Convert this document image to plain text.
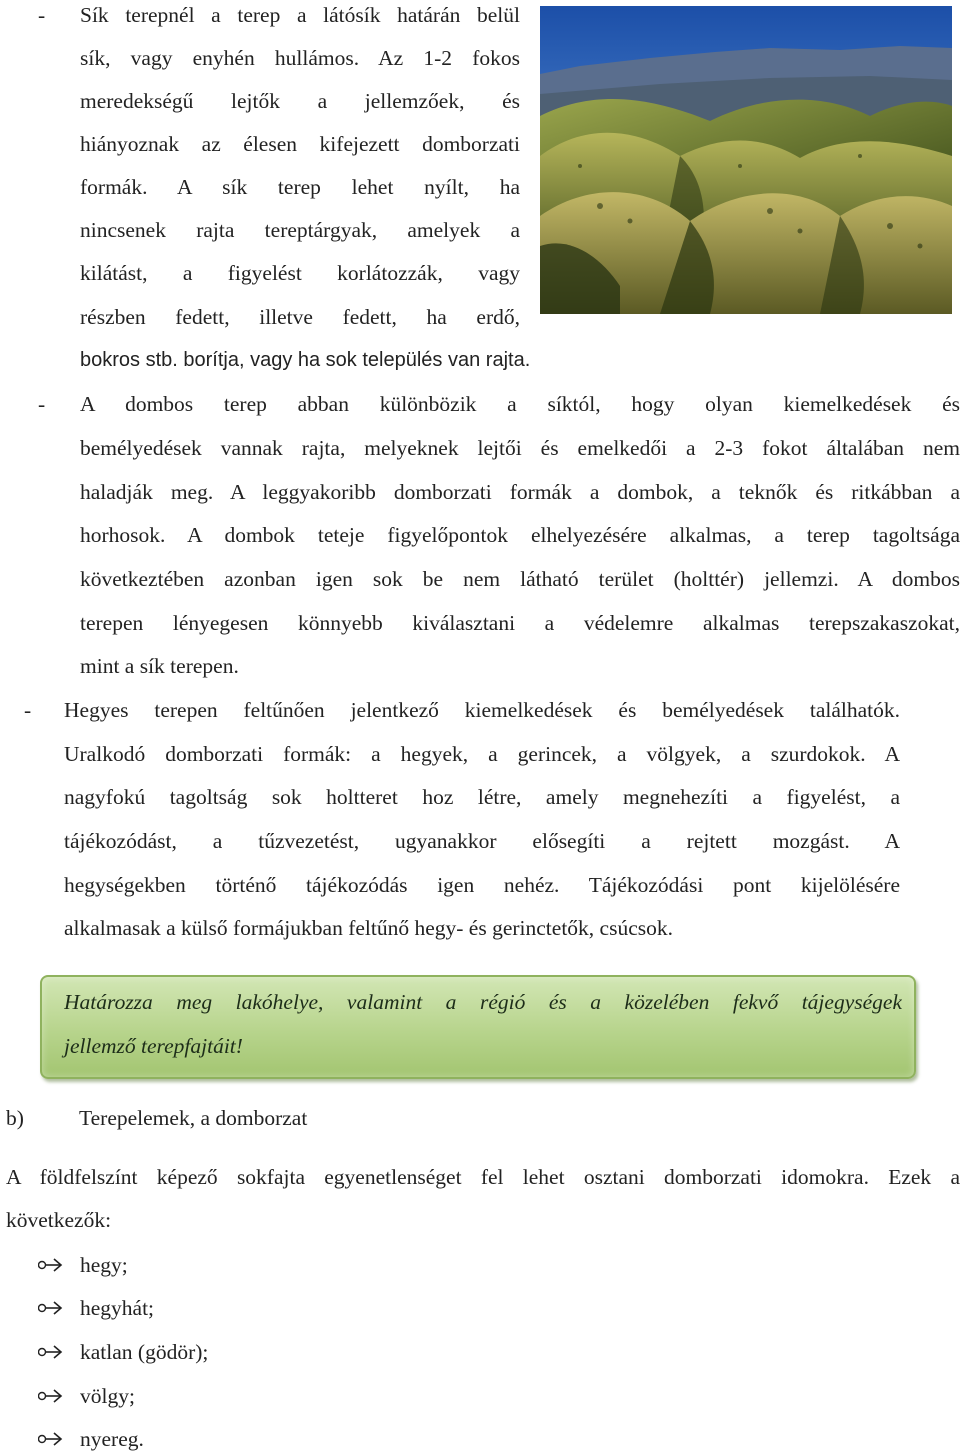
- Sík terepnél a terep a látósík határán belül
sík, vagy enyhén hullámos. Az 1-2 fokos
meredekségű lejtők a jellemzőek, és
hiányoznak az élesen kifejezett domborzati
formák. A sík terep lehet nyílt, ha
nincsenek rajta tereptárgyak, amelyek a
kilátást, a figyelést korlátozzák, vagy
részben fedett, illetve fedett, ha erdő,
bokros stb. borítja, vagy ha sok település van rajta.
- A dombos terep abban különbözik a síktól, hogy olyan kiemelkedések és
bemélyedések vannak rajta, melyeknek lejtői és emelkedői a 2-3 fokot általában nem
haladják meg. A leggyakoribb domborzati formák a dombok, a teknők és ritkábban a
horhosok. A dombok teteje figyelőpontok elhelyezésére alkalmas, a terep tagoltsága
következtében azonban igen sok be nem látható terület (holttér) jellemzi. A dombos
terepen lényegesen könnyebb kiválasztani a védelemre alkalmas terepszakaszokat,
mint a sík terepen.
- Hegyes terepen feltűnően jelentkező kiemelkedések és bemélyedések találhatók.
Uralkodó domborzati formák: a hegyek, a gerincek, a völgyek, a szurdokok. A
nagyfokú tagoltság sok holtteret hoz létre, amely megnehezíti a figyelést, a
tájékozódást, a tűzvezetést, ugyanakkor elősegíti a rejtett mozgást. A
hegységekben történő tájékozódás igen nehéz. Tájékozódási pont kijelölésére
alkalmasak a külső formájukban feltűnő hegy- és gerinctetők, csúcsok.
Határozza meg lakóhelye, valamint a régió és a közelében fekvő tájegységek
jellemző terepfajtáit!
b)	Terepelemek, a domborzat
A földfelszínt képező sokfajta egyenetlenséget fel lehet osztani domborzati idomokra. Ezek a
következők:
hegy;
hegyhát;
katlan (gödör);
völgy;
nyereg.
